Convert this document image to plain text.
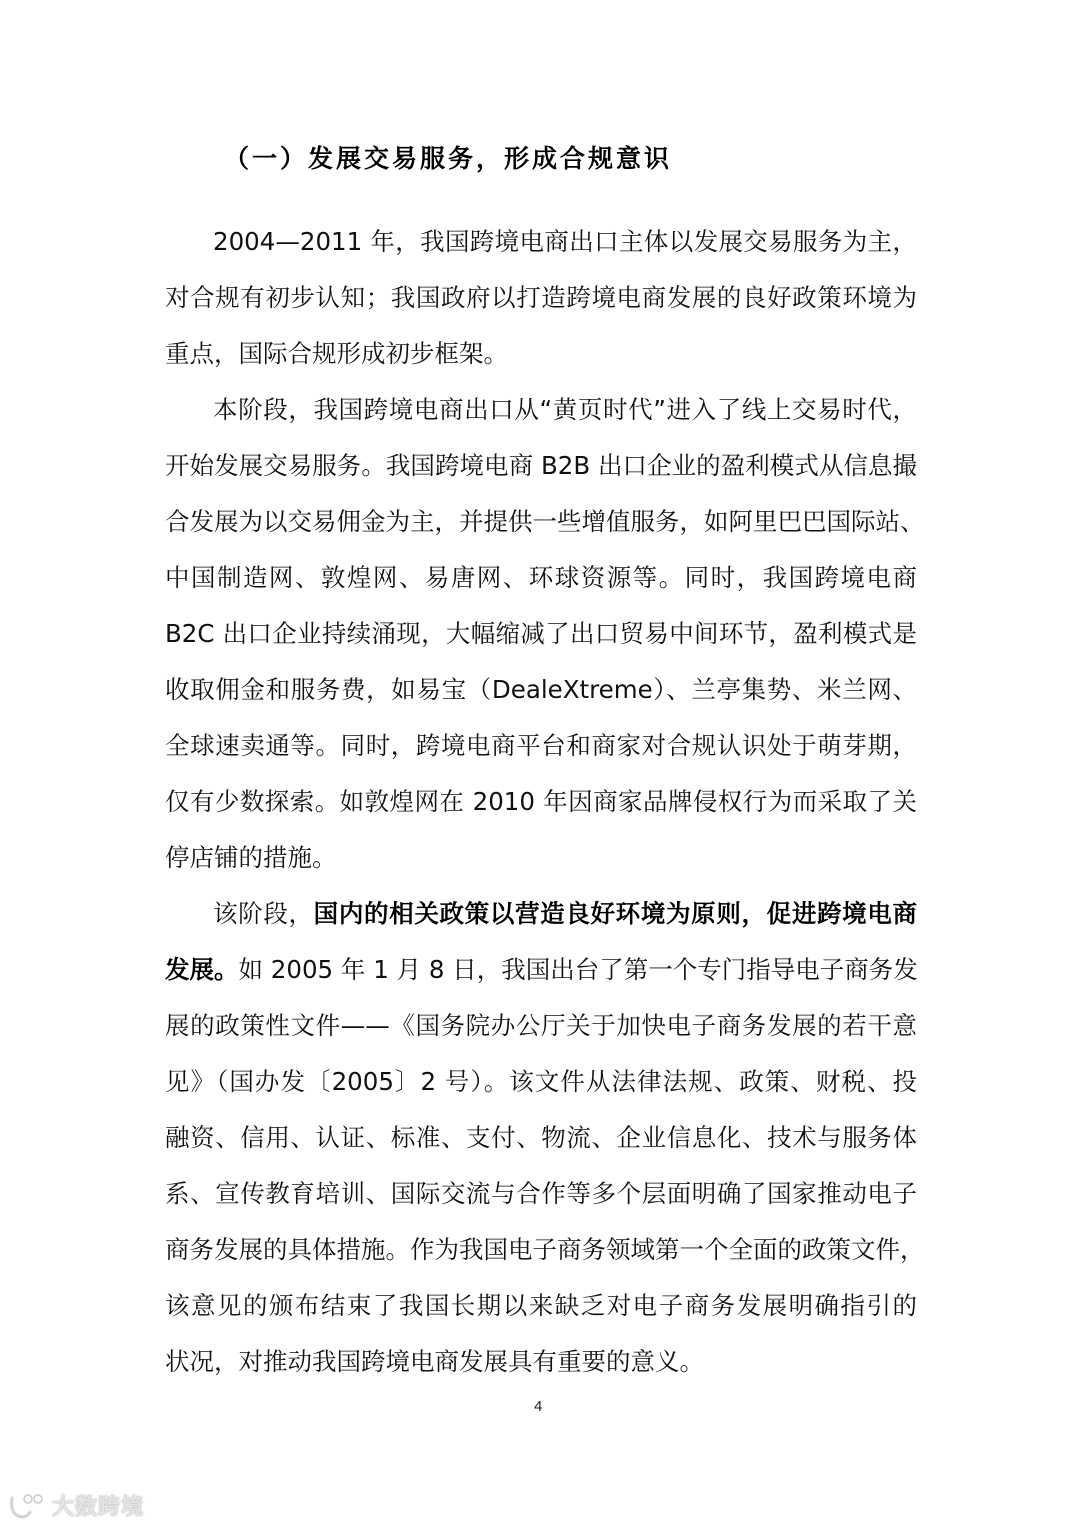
（一）发展交易服务，形成合规意识
2004—2011 年，我国跨境电商出口主体以发展交易服务为主，
对合规有初步认知；我国政府以打造跨境电商发展的良好政策环境为
重点，国际合规形成初步框架。
本阶段，我国跨境电商出口从“黄页时代”进入了线上交易时代，
开始发展交易服务。我国跨境电商 B2B 出口企业的盈利模式从信息撮
合发展为以交易佣金为主，并提供一些增值服务，如阿里巴巴国际站、
中国制造网、敦煌网、易唐网、环球资源等。同时，我国跨境电商
B2C 出口企业持续涌现，大幅缩减了出口贸易中间环节，盈利模式是
收取佣金和服务费，如易宝（DealeXtreme）、兰亭集势、米兰网、
全球速卖通等。同时，跨境电商平台和商家对合规认识处于萌芽期，
仅有少数探索。如敦煌网在 2010 年因商家品牌侵权行为而采取了关
停店铺的措施。
该阶段，国内的相关政策以营造良好环境为原则，促进跨境电商
发展。如 2005 年 1 月 8 日，我国出台了第一个专门指导电子商务发
展的政策性文件——《国务院办公厅关于加快电子商务发展的若干意
见》（国办发〔2005〕2 号）。该文件从法律法规、政策、财税、投
融资、信用、认证、标准、支付、物流、企业信息化、技术与服务体
系、宣传教育培训、国际交流与合作等多个层面明确了国家推动电子
商务发展的具体措施。作为我国电子商务领域第一个全面的政策文件，
该意见的颁布结束了我国长期以来缺乏对电子商务发展明确指引的
状况，对推动我国跨境电商发展具有重要的意义。
4
大数跨境
